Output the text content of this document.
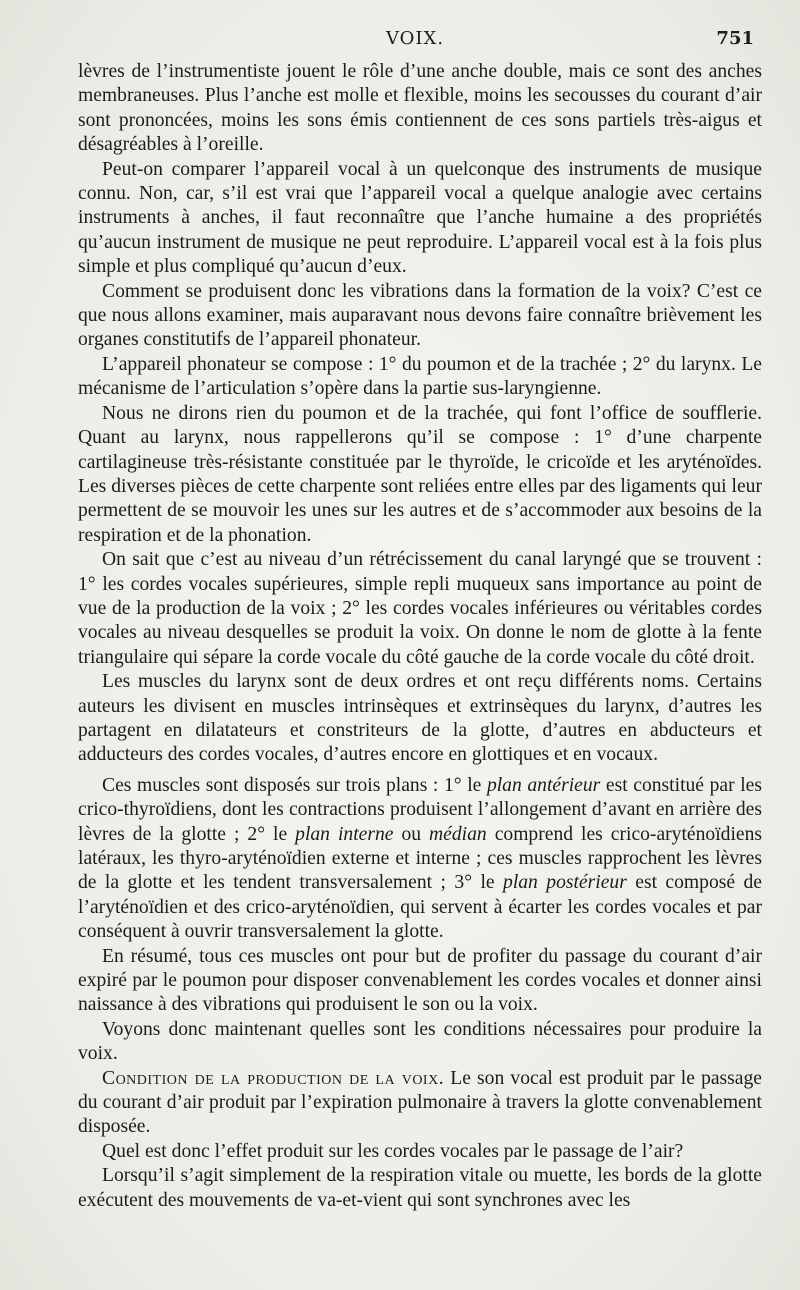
VOIX.	751

lèvres de l’instrumentiste jouent le rôle d’une anche double, mais ce sont des anches membraneuses. Plus l’anche est molle et flexible, moins les secousses du courant d’air sont prononcées, moins les sons émis contiennent de ces sons partiels très-aigus et désagréables à l’oreille.

Peut-on comparer l’appareil vocal à un quelconque des instruments de musique connu. Non, car, s’il est vrai que l’appareil vocal a quelque analogie avec certains instruments à anches, il faut reconnaître que l’anche humaine a des propriétés qu’aucun instrument de musique ne peut reproduire. L’appareil vocal est à la fois plus simple et plus compliqué qu’aucun d’eux.

Comment se produisent donc les vibrations dans la formation de la voix? C’est ce que nous allons examiner, mais auparavant nous devons faire connaître brièvement les organes constitutifs de l’appareil phonateur.

L’appareil phonateur se compose : 1° du poumon et de la trachée ; 2° du larynx. Le mécanisme de l’articulation s’opère dans la partie sus-laryngienne.

Nous ne dirons rien du poumon et de la trachée, qui font l’office de soufflerie. Quant au larynx, nous rappellerons qu’il se compose : 1° d’une charpente cartilagineuse très-résistante constituée par le thyroïde, le cricoïde et les aryténoïdes. Les diverses pièces de cette charpente sont reliées entre elles par des ligaments qui leur permettent de se mouvoir les unes sur les autres et de s’accommoder aux besoins de la respiration et de la phonation.

On sait que c’est au niveau d’un rétrécissement du canal laryngé que se trouvent : 1° les cordes vocales supérieures, simple repli muqueux sans importance au point de vue de la production de la voix ; 2° les cordes vocales inférieures ou véritables cordes vocales au niveau desquelles se produit la voix. On donne le nom de glotte à la fente triangulaire qui sépare la corde vocale du côté gauche de la corde vocale du côté droit.

Les muscles du larynx sont de deux ordres et ont reçu différents noms. Certains auteurs les divisent en muscles intrinsèques et extrinsèques du larynx, d’autres les partagent en dilatateurs et constriteurs de la glotte, d’autres en abducteurs et adducteurs des cordes vocales, d’autres encore en glottiques et en vocaux.

Ces muscles sont disposés sur trois plans : 1° le plan antérieur est constitué par les crico-thyroïdiens, dont les contractions produisent l’allongement d’avant en arrière des lèvres de la glotte ; 2° le plan interne ou médian comprend les crico-aryténoïdiens latéraux, les thyro-aryténoïdien externe et interne ; ces muscles rapprochent les lèvres de la glotte et les tendent transversalement ; 3° le plan postérieur est composé de l’aryténoïdien et des crico-aryténoïdien, qui servent à écarter les cordes vocales et par conséquent à ouvrir transversalement la glotte.

En résumé, tous ces muscles ont pour but de profiter du passage du courant d’air expiré par le poumon pour disposer convenablement les cordes vocales et donner ainsi naissance à des vibrations qui produisent le son ou la voix.

Voyons donc maintenant quelles sont les conditions nécessaires pour produire la voix.

Condition de la production de la voix. Le son vocal est produit par le passage du courant d’air produit par l’expiration pulmonaire à travers la glotte convenablement disposée.

Quel est donc l’effet produit sur les cordes vocales par le passage de l’air?

Lorsqu’il s’agit simplement de la respiration vitale ou muette, les bords de la glotte exécutent des mouvements de va-et-vient qui sont synchrones avec les
